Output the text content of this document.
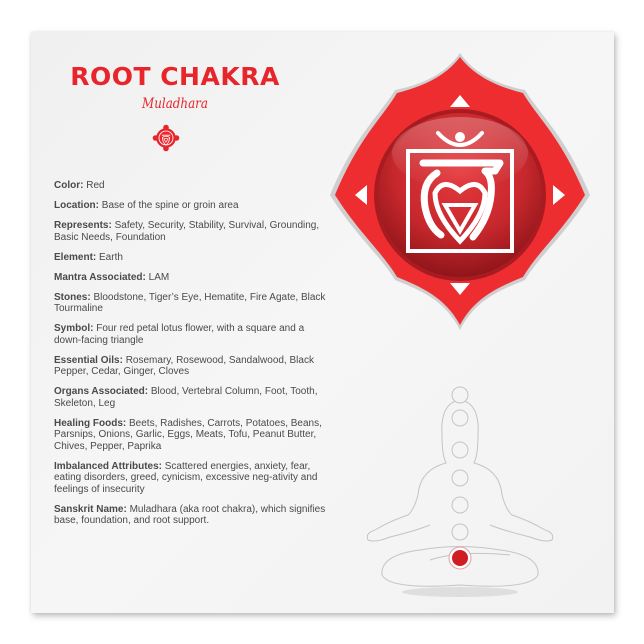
ROOT CHAKRA
Muladhara
Color: Red
Location: Base of the spine or groin area
Represents: Safety, Security, Stability, Survival, Grounding, Basic Needs, Foundation
Element: Earth
Mantra Associated: LAM
Stones: Bloodstone, Tiger’s Eye, Hematite, Fire Agate, Black Tourmaline
Symbol: Four red petal lotus flower, with a square and a down-facing triangle
Essential Oils: Rosemary, Rosewood, Sandalwood, Black Pepper, Cedar, Ginger, Cloves
Organs Associated: Blood, Vertebral Column, Foot, Tooth, Skeleton, Leg
Healing Foods: Beets, Radishes, Carrots, Potatoes, Beans, Parsnips, Onions, Garlic, Eggs, Meats, Tofu, Peanut Butter, Chives, Pepper, Paprika
Imbalanced Attributes: Scattered energies, anxiety, fear, eating disorders, greed, cynicism, excessive neg-ativity and feelings of insecurity
Sanskrit Name: Muladhara (aka root chakra), which signifies base, foundation, and root support.
